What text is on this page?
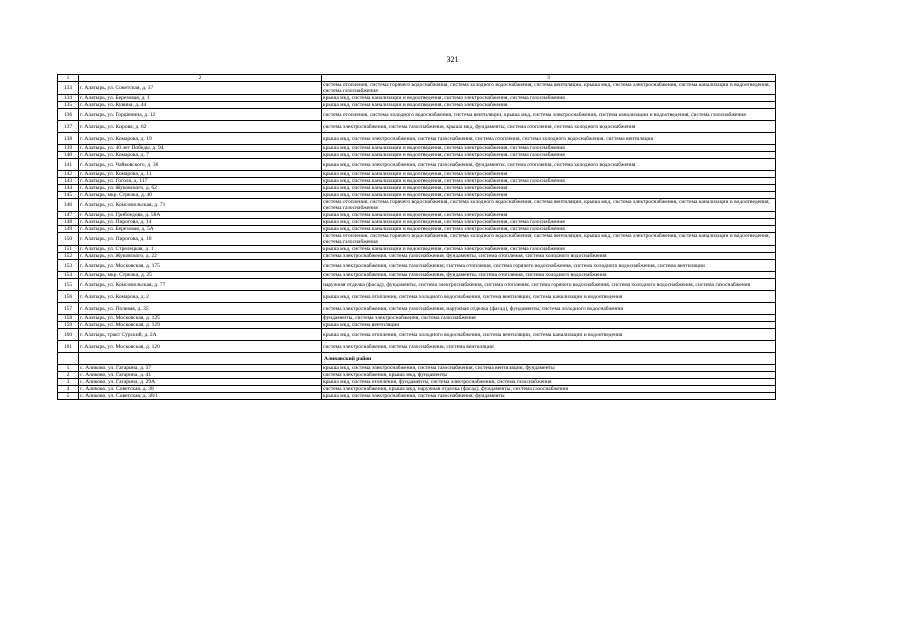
321
1	2	3
133	г. Алатырь, ул. Советская, д. 37	система отопления, система горячего водоснабжения, система холодного водоснабжения, система вентиляции, крыша мкд, система электроснабжения, система канализации и водоотведения, система газоснабжения
134	г. Алатырь, ул. Березовая, д. 1	крыша мкд, система канализации и водоотведения, система электроснабжения, система газоснабжения
135	г. Алатырь, ул. Кувина, д. 44	крыша мкд, система канализации и водоотведения, система электроснабжения
136	г. Алатырь, ул. Горшенина, д. 12	система отопления, система холодного водоснабжения, система вентиляции, крыша мкд, система электроснабжения, система канализации и водоотведения, система газоснабжения
137	г. Алатырь, ул. Кирова, д. 62	система электроснабжения, система газоснабжения, крыша мкд, фундаменты, система отопления, система холодного водоснабжения
138	г. Алатырь, ул. Комарова, д. 19	крыша мкд, система электроснабжения, система газоснабжения, система отопления, система холодного водоснабжения, система вентиляции
139	г. Алатырь, ул. 40 лет Победы, д. 94	крыша мкд, система канализации и водоотведения, система электроснабжения, система газоснабжения
140	г. Алатырь, ул. Комарова, д. 7	крыша мкд, система канализации и водоотведения, система электроснабжения, система газоснабжения
141	г. Алатырь, ул. Чайковского, д. 36	крыша мкд, система электроснабжения, система газоснабжения, фундаменты, система отопления, система холодного водоснабжения
142	г. Алатырь, ул. Комарова, д. 11	крыша мкд, система канализации и водоотведения, система электроснабжения
143	г. Алатырь, ул. Гоголя, д. 117	крыша мкд, система канализации и водоотведения, система электроснабжения, система газоснабжения
144	г. Алатырь, ул. Жуковского, д. 62	крыша мкд, система канализации и водоотведения, система электроснабжения
145	г. Алатырь, мкр. Стрелка, д. 40	крыша мкд, система канализации и водоотведения, система электроснабжения
146	г. Алатырь, ул. Комсомольская, д. 71	система отопления, система горячего водоснабжения, система холодного водоснабжения, система вентиляции, крыша мкд, система электроснабжения, система канализации и водоотведения, система газоснабжения
147	г. Алатырь, ул. Грибоедова, д. 58А	крыша мкд, система канализации и водоотведения, система электроснабжения
148	г. Алатырь, ул. Пирогова, д. 14	крыша мкд, система канализации и водоотведения, система электроснабжения, система газоснабжения
149	г. Алатырь, ул. Березовая, д. 5А	крыша мкд, система канализации и водоотведения, система электроснабжения, система газоснабжения
150	г. Алатырь, ул. Пирогова, д. 10	система отопления, система горячего водоснабжения, система холодного водоснабжения, система вентиляции, крыша мкд, система электроснабжения, система канализации и водоотведения, система газоснабжения
151	г. Алатырь, ул. Стрелецкая, д. 1	крыша мкд, система канализации и водоотведения, система электроснабжения, система газоснабжения
152	г. Алатырь, ул. Жуковского, д. 22	система электроснабжения, система газоснабжения, фундаменты, система отопления, система холодного водоснабжения
153	г. Алатырь, ул. Московская, д. 175	система электроснабжения, система газоснабжения, система отопления, система горячего водоснабжения, система холодного водоснабжения, система вентиляции
154	г. Алатырь, мкр. Стрелка, д. 25	система электроснабжения, система газоснабжения, фундаменты, система отопления, система холодного водоснабжения
155	г. Алатырь, ул. Комсомольская, д. 77	наружная отделка (фасад), фундаменты, система электроснабжения, система отопления, система горячего водоснабжения, система холодного водоснабжения, система газоснабжения
156	г. Алатырь, ул. Комарова, д. 2	крыша мкд, система отопления, система холодного водоснабжения, система вентиляции, система канализации и водоотведения
157	г. Алатырь, ул. Полевая, д. 35	система электроснабжения, система газоснабжения, наружная отделка (фасад), фундаменты, система холодного водоснабжения
158	г. Алатырь, ул. Московская, д. 125	фундаменты, система электроснабжения, система газоснабжения
159	г. Алатырь, ул. Московская, д. 129	крыша мкд, система вентиляции
160	г. Алатырь, тракт Сурский, д. 2А	крыша мкд, система отопления, система холодного водоснабжения, система вентиляции, система канализации и водоотведения
161	г. Алатырь, ул. Московская, д. 120	система электроснабжения, система газоснабжения, система вентиляции
		Аликовский район
1	с. Аликово, ул. Гагарина, д. 37	крыша мкд, система электроснабжения, система газоснабжения, система вентиляции, фундаменты
2	с. Аликово, ул. Гагарина, д. 41	система электроснабжения, крыша мкд, фундаменты
3	с. Аликово, ул. Гагарина, д. 29А	крыша мкд, система отопления, фундаменты, система электроснабжения, система газоснабжения
4	с. Аликово, ул. Советская, д. 38	система электроснабжения, крыша мкд, наружная отделка (фасад), фундаменты, система газоснабжения
5	с. Аликово, ул. Советская, д. 38/1	крыша мкд, система электроснабжения, система газоснабжения, фундаменты
